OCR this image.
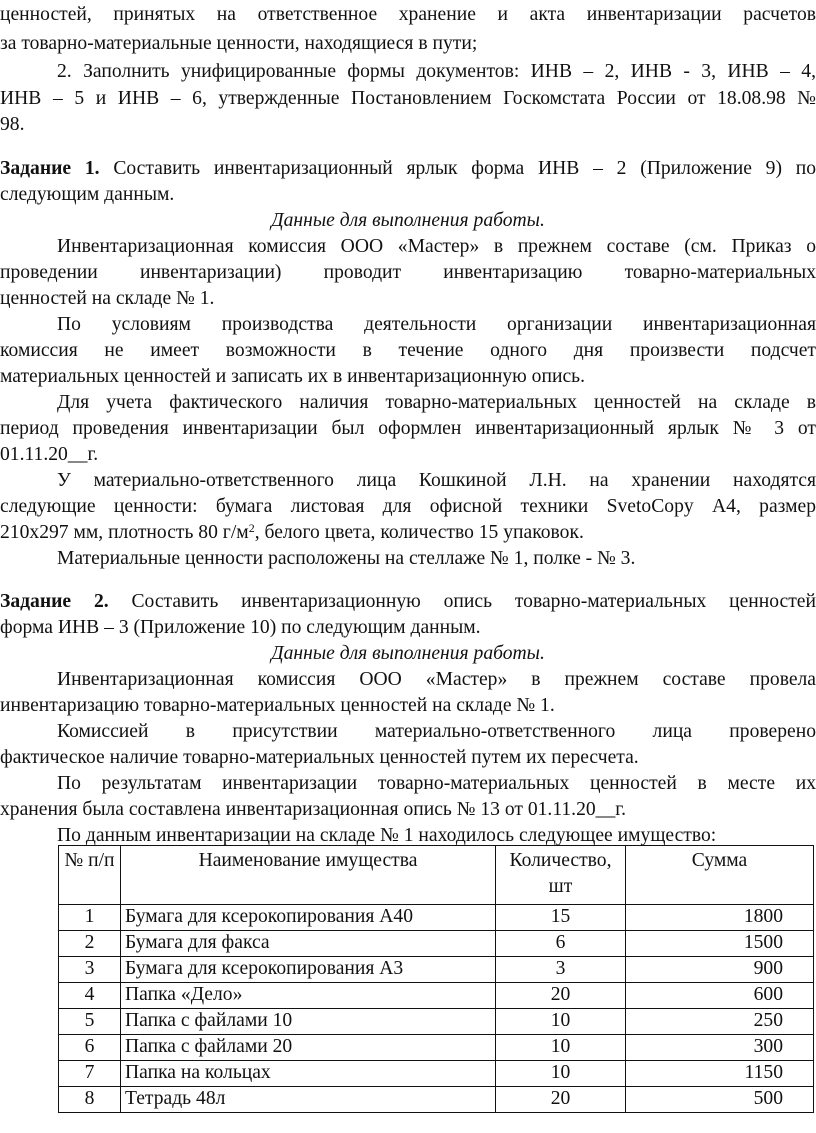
ценностей, принятых на ответственное хранение и акта инвентаризации расчетов
за товарно-материальные ценности, находящиеся в пути;
2. Заполнить унифицированные формы документов: ИНВ – 2, ИНВ - 3, ИНВ – 4,
ИНВ – 5 и ИНВ – 6, утвержденные Постановлением Госкомстата России от 18.08.98 №
98.
Задание 1. Составить инвентаризационный ярлык форма ИНВ – 2 (Приложение 9) по
следующим данным.
Данные для выполнения работы.
Инвентаризационная комиссия ООО «Мастер» в прежнем составе (см. Приказ о
проведении инвентаризации) проводит инвентаризацию товарно-материальных
ценностей на складе № 1.
По условиям производства деятельности организации инвентаризационная
комиссия не имеет возможности в течение одного дня произвести подсчет
материальных ценностей и записать их в инвентаризационную опись.
Для учета фактического наличия товарно-материальных ценностей на складе в
период проведения инвентаризации был оформлен инвентаризационный ярлык № 3 от
01.11.20__г.
У материально-ответственного лица Кошкиной Л.Н. на хранении находятся
следующие ценности: бумага листовая для офисной техники SvetoCopy А4, размер
210х297 мм, плотность 80 $г/м^2$, белого цвета, количество 15 упаковок.
Материальные ценности расположены на стеллаже № 1, полке - № 3.
Задание 2. Составить инвентаризационную опись товарно-материальных ценностей
форма ИНВ – 3 (Приложение 10) по следующим данным.
Данные для выполнения работы.
Инвентаризационная комиссия ООО «Мастер» в прежнем составе провела
инвентаризацию товарно-материальных ценностей на складе № 1.
Комиссией в присутствии материально-ответственного лица проверено
фактическое наличие товарно-материальных ценностей путем их пересчета.
По результатам инвентаризации товарно-материальных ценностей в месте их
хранения была составлена инвентаризационная опись № 13 от 01.11.20__г.
По данным инвентаризации на складе № 1 находилось следующее имущество:
№ п/п	Наименование имущества	Количество, шт	Сумма
1	Бумага для ксерокопирования А40	15	1800
2	Бумага для факса	6	1500
3	Бумага для ксерокопирования А3	3	900
4	Папка «Дело»	20	600
5	Папка с файлами 10	10	250
6	Папка с файлами 20	10	300
7	Папка на кольцах	10	1150
8	Тетрадь 48л	20	500
